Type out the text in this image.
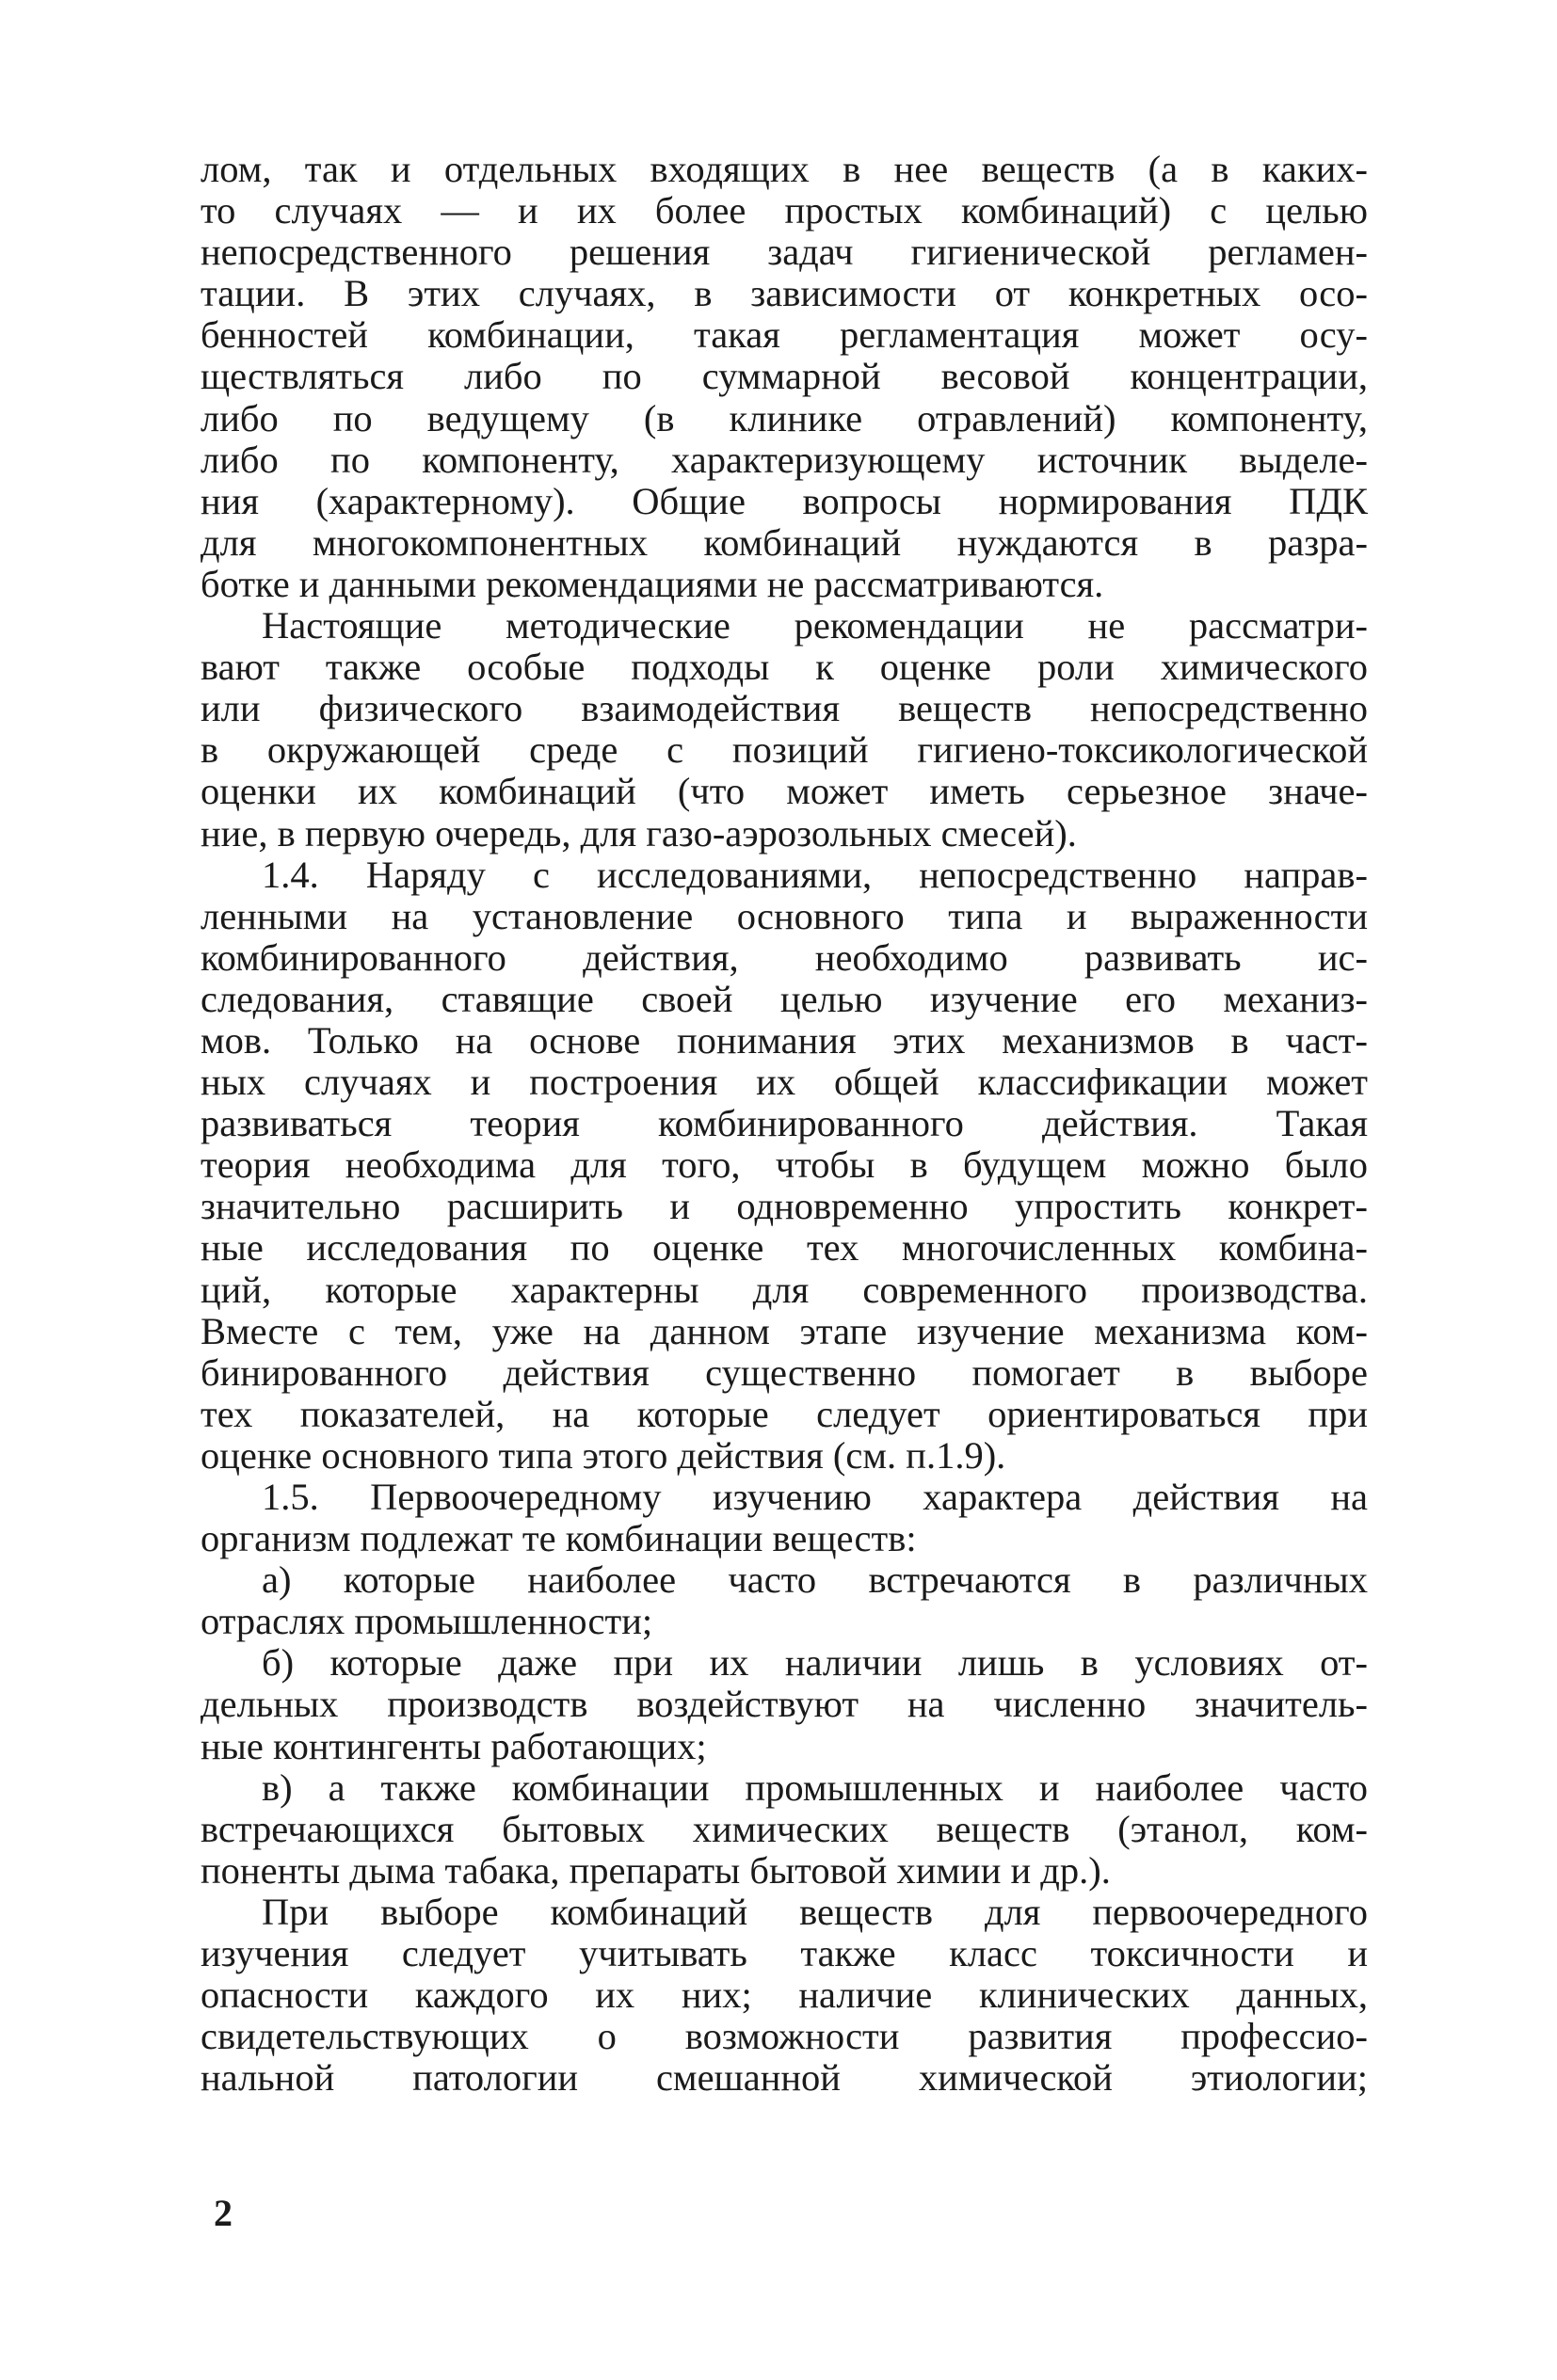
лом, так и отдельных входящих в нее веществ (а в каких-
то случаях — и их более простых комбинаций) с целью
непосредственного решения задач гигиенической регламен-
тации. В этих случаях, в зависимости от конкретных осо-
бенностей комбинации, такая регламентация может осу-
ществляться либо по суммарной весовой концентрации,
либо по ведущему (в клинике отравлений) компоненту,
либо по компоненту, характеризующему источник выделе-
ния (характерному). Общие вопросы нормирования ПДК
для многокомпонентных комбинаций нуждаются в разра-
ботке и данными рекомендациями не рассматриваются.
Настоящие методические рекомендации не рассматри-
вают также особые подходы к оценке роли химического
или физического взаимодействия веществ непосредственно
в окружающей среде с позиций гигиено-токсикологической
оценки их комбинаций (что может иметь серьезное значе-
ние, в первую очередь, для газо-аэрозольных смесей).
1.4. Наряду с исследованиями, непосредственно направ-
ленными на установление основного типа и выраженности
комбинированного действия, необходимо развивать ис-
следования, ставящие своей целью изучение его механиз-
мов. Только на основе понимания этих механизмов в част-
ных случаях и построения их общей классификации может
развиваться теория комбинированного действия. Такая
теория необходима для того, чтобы в будущем можно было
значительно расширить и одновременно упростить конкрет-
ные исследования по оценке тех многочисленных комбина-
ций, которые характерны для современного производства.
Вместе с тем, уже на данном этапе изучение механизма ком-
бинированного действия существенно помогает в выборе
тех показателей, на которые следует ориентироваться при
оценке основного типа этого действия (см. п.1.9).
1.5. Первоочередному изучению характера действия на
организм подлежат те комбинации веществ:
а) которые наиболее часто встречаются в различных
отраслях промышленности;
б) которые даже при их наличии лишь в условиях от-
дельных производств воздействуют на численно значитель-
ные контингенты работающих;
в) а также комбинации промышленных и наиболее часто
встречающихся бытовых химических веществ (этанол, ком-
поненты дыма табака, препараты бытовой химии и др.).
При выборе комбинаций веществ для первоочередного
изучения следует учитывать также класс токсичности и
опасности каждого их них; наличие клинических данных,
свидетельствующих о возможности развития профессио-
нальной патологии смешанной химической этиологии;
2
